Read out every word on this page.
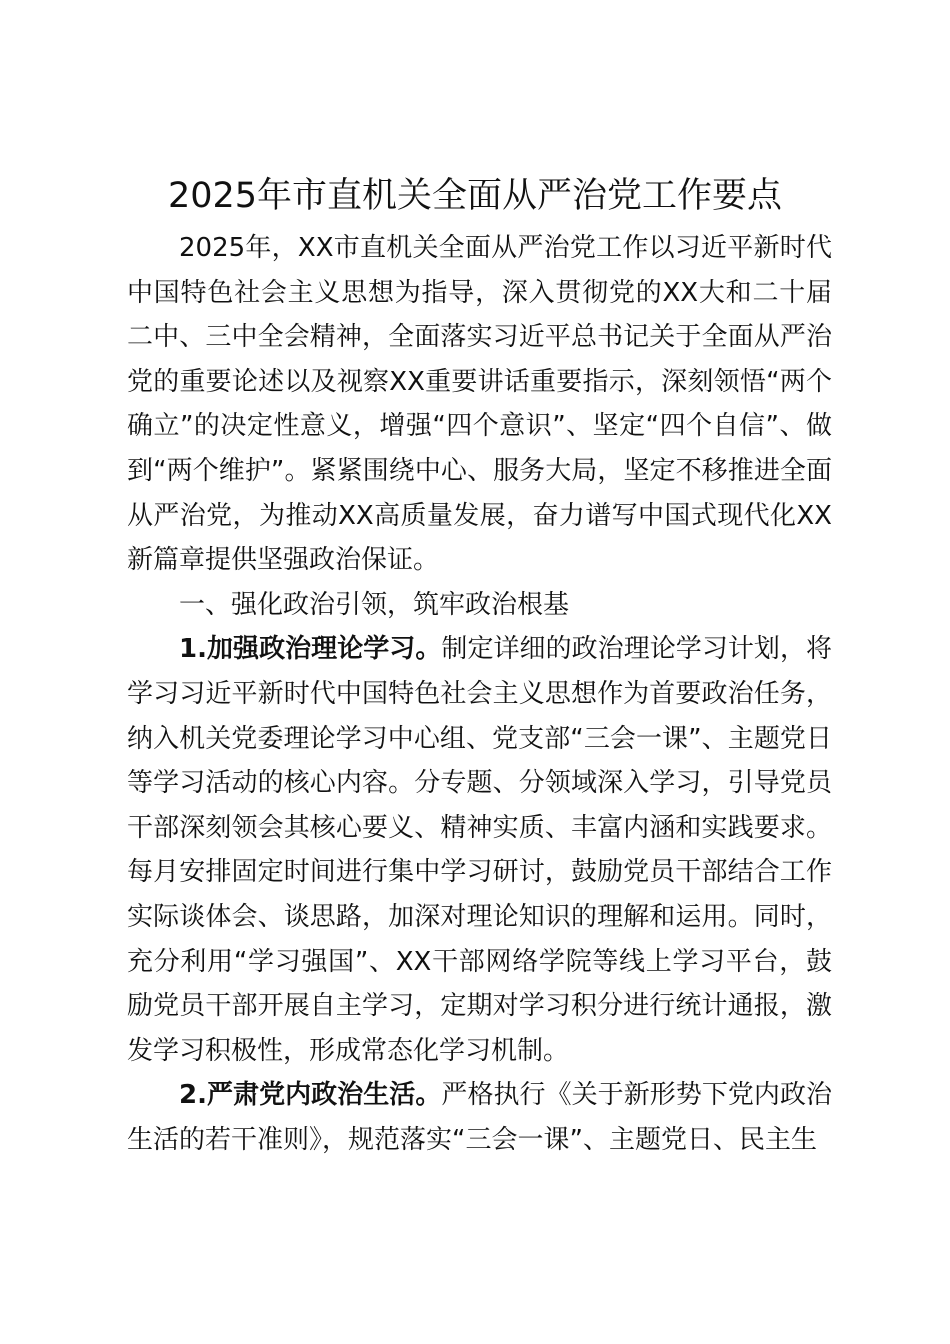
2025年市直机关全面从严治党工作要点

2025年，XX市直机关全面从严治党工作以习近平新时代中国特色社会主义思想为指导，深入贯彻党的XX大和二十届二中、三中全会精神，全面落实习近平总书记关于全面从严治党的重要论述以及视察XX重要讲话重要指示，深刻领悟“两个确立”的决定性意义，增强“四个意识”、坚定“四个自信”、做到“两个维护”。紧紧围绕中心、服务大局，坚定不移推进全面从严治党，为推动XX高质量发展，奋力谱写中国式现代化XX新篇章提供坚强政治保证。

一、强化政治引领，筑牢政治根基

1.加强政治理论学习。制定详细的政治理论学习计划，将学习习近平新时代中国特色社会主义思想作为首要政治任务，纳入机关党委理论学习中心组、党支部“三会一课”、主题党日等学习活动的核心内容。分专题、分领域深入学习，引导党员干部深刻领会其核心要义、精神实质、丰富内涵和实践要求。每月安排固定时间进行集中学习研讨，鼓励党员干部结合工作实际谈体会、谈思路，加深对理论知识的理解和运用。同时，充分利用“学习强国”、XX干部网络学院等线上学习平台，鼓励党员干部开展自主学习，定期对学习积分进行统计通报，激发学习积极性，形成常态化学习机制。

2.严肃党内政治生活。严格执行《关于新形势下党内政治生活的若干准则》，规范落实“三会一课”、主题党日、民主生
